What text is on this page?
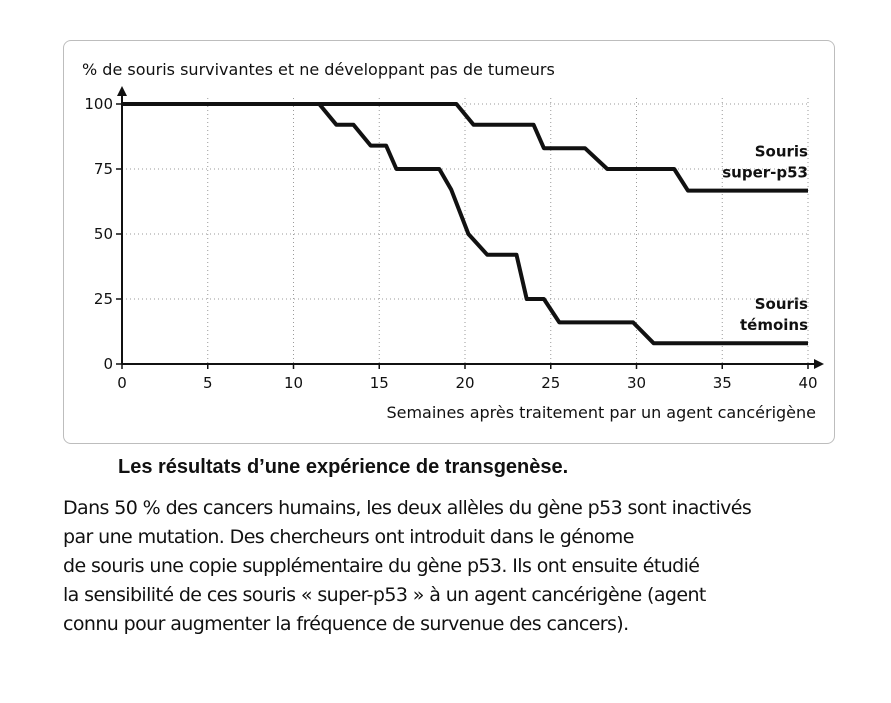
0	5	10	15	20	25	30	35	40
0
25
50
75
100
% de souris survivantes et ne développant pas de tumeurs
Semaines après traitement par un agent cancérigène
Souris
super-p53
Souris
témoins
Les résultats d’une expérience de transgenèse.
Dans 50 % des cancers humains, les deux allèles du gène p53 sont inactivés
par une mutation. Des chercheurs ont introduit dans le génome
de souris une copie supplémentaire du gène p53. Ils ont ensuite étudié
la sensibilité de ces souris « super-p53 » à un agent cancérigène (agent
connu pour augmenter la fréquence de survenue des cancers).
